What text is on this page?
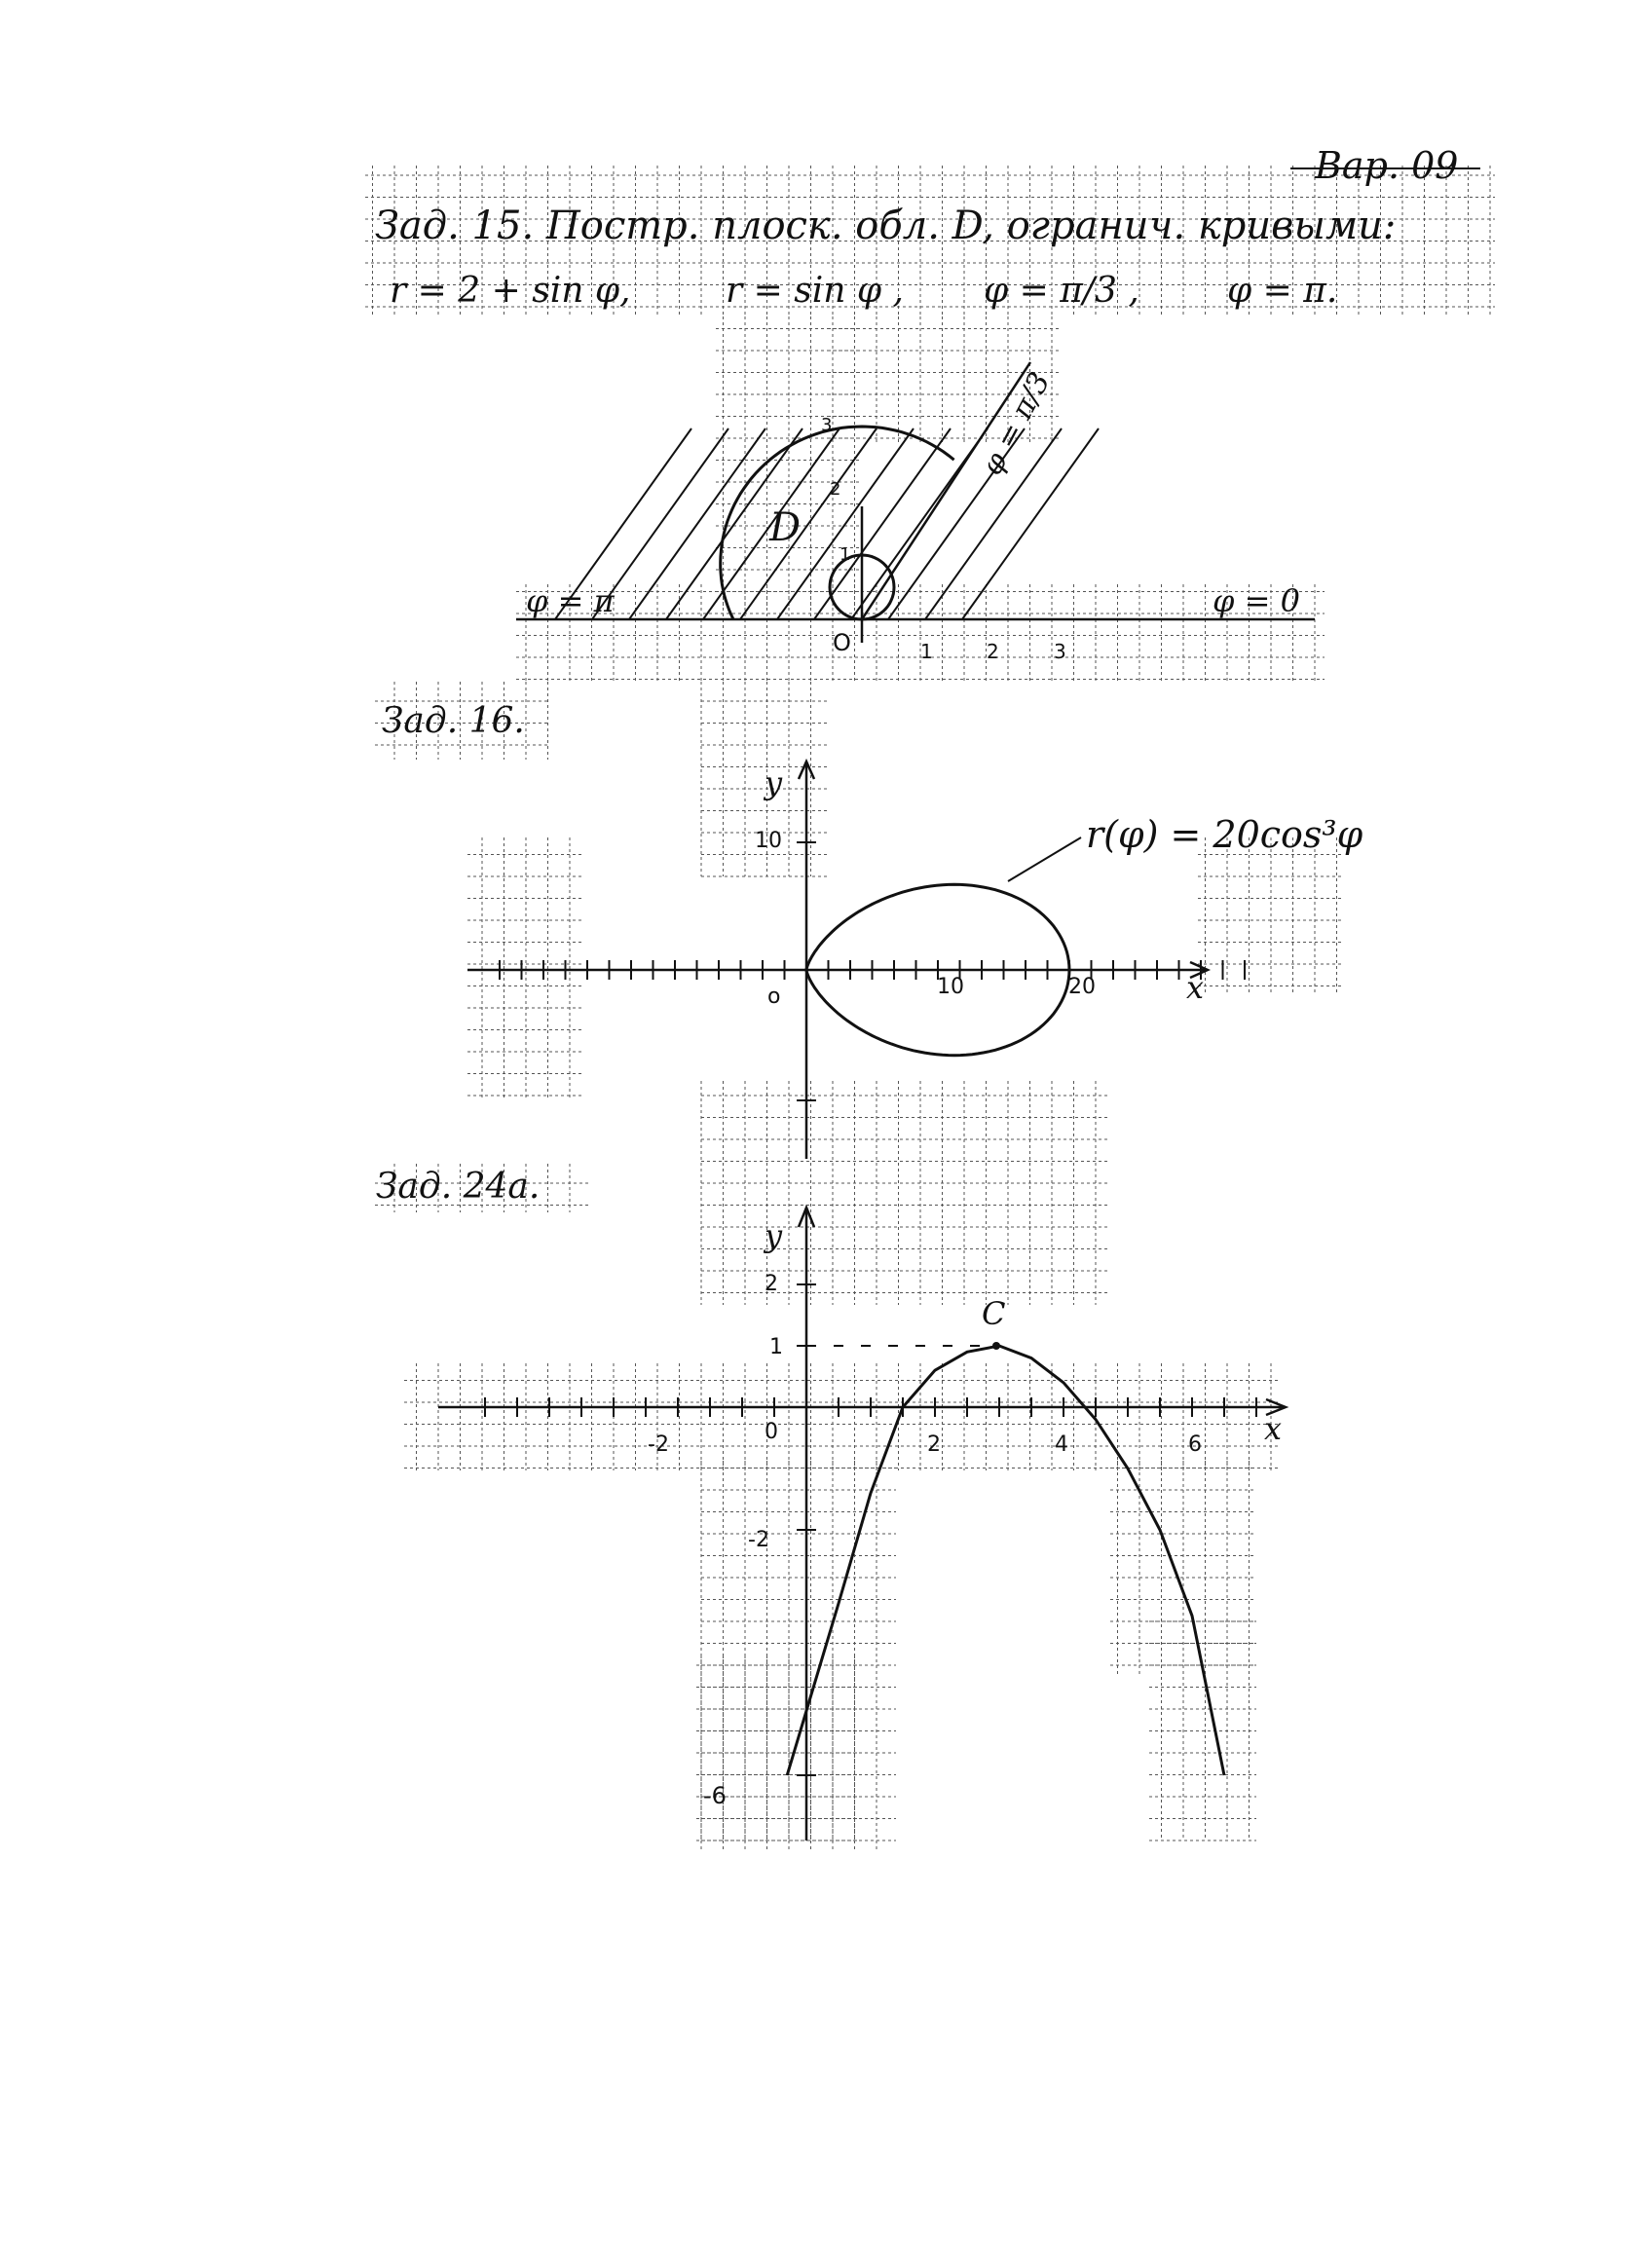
Вар. 09
Зад. 15. Постр. плоск. обл. D, огранич. кривыми:
r = 2 + sin φ,	r = sin φ , φ = π/3 ,	φ = π.
D
φ = π	φ = 0
φ = π/3
O	1	2	3
1
2
3
Зад. 16.
r(φ) = 20cos³φ
y
x
o	10	20
10
Зад. 24а.
C
y
x
0
-2	2	4	6
2
1
-2
-6
